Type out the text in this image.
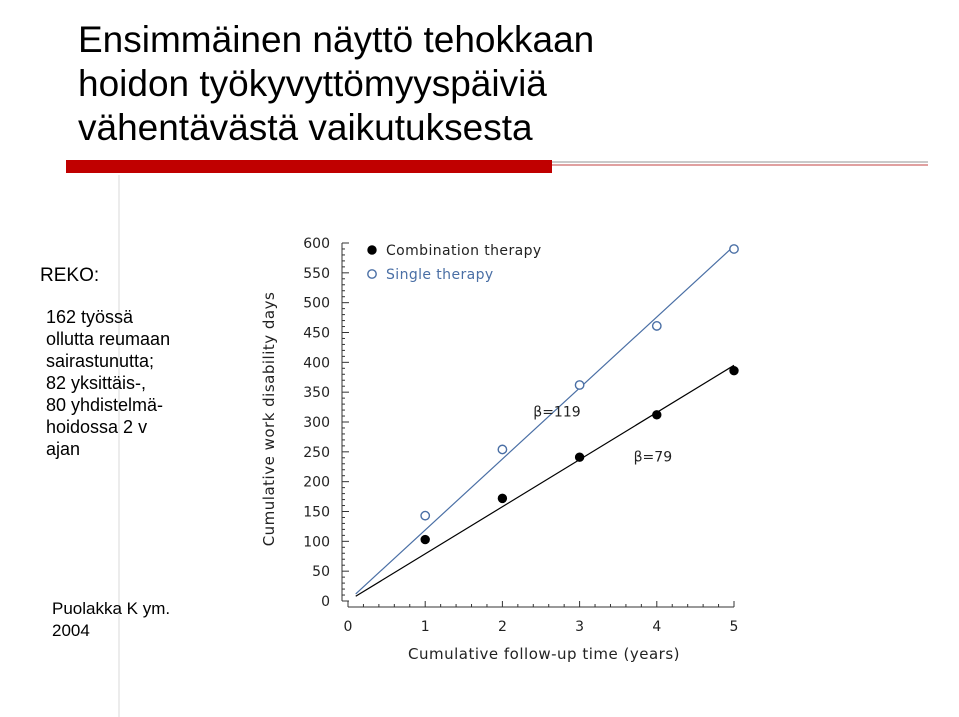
Ensimmäinen näyttö tehokkaan
hoidon työkyvyttömyyspäiviä
vähentävästä vaikutuksesta
REKO:
162 työssä
ollutta reumaan
sairastunutta;
82 yksittäis-,
80 yhdistelmä-
hoidossa 2 v
ajan
Puolakka K ym.
2004
0
50
100
150
200
250
300
350
400
450
500
550
600
0	1	2	3	4	5
Cumulative follow-up time (years)
Cumulative work disability days	β=119
β=79
Combination therapy
Single therapy
